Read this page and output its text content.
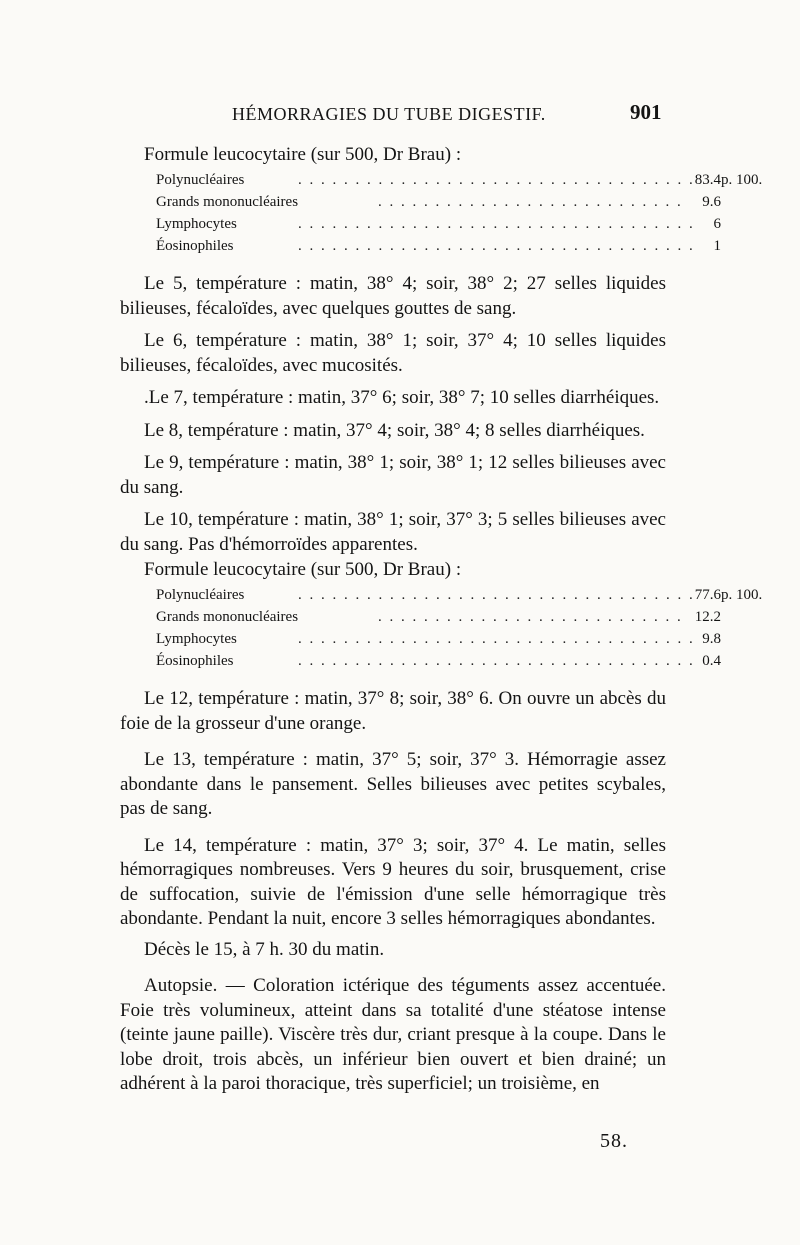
HÉMORRAGIES DU TUBE DIGESTIF.	901
Formule leucocytaire (sur 500, Dr Brau) :
Polynucléaires	. . . . . . . . . . . . . . . . . . . . . . . . . . . . . . . . . . .	83.4	p. 100.
Grands mononucléaires	. . . . . . . . . . . . . . . . . . . . . . . . . . .	9.6	
Lymphocytes	. . . . . . . . . . . . . . . . . . . . . . . . . . . . . . . . . . .	6	
Éosinophiles	. . . . . . . . . . . . . . . . . . . . . . . . . . . . . . . . . . .	1	

Le 5, température : matin, 38° 4; soir, 38° 2; 27 selles liquides bilieuses, fécaloïdes, avec quelques gouttes de sang.

Le 6, température : matin, 38° 1; soir, 37° 4; 10 selles liquides bilieuses, fécaloïdes, avec mucosités.

.Le 7, température : matin, 37° 6; soir, 38° 7; 10 selles diarrhéiques.

Le 8, température : matin, 37° 4; soir, 38° 4; 8 selles diarrhéiques.

Le 9, température : matin, 38° 1; soir, 38° 1; 12 selles bilieuses avec du sang.

Le 10, température : matin, 38° 1; soir, 37° 3; 5 selles bilieuses avec du sang. Pas d'hémorroïdes apparentes.

Formule leucocytaire (sur 500, Dr Brau) :
Polynucléaires	. . . . . . . . . . . . . . . . . . . . . . . . . . . . . . . . . . .	77.6	p. 100.
Grands mononucléaires	. . . . . . . . . . . . . . . . . . . . . . . . . . .	12.2	
Lymphocytes	. . . . . . . . . . . . . . . . . . . . . . . . . . . . . . . . . . .	9.8	
Éosinophiles	. . . . . . . . . . . . . . . . . . . . . . . . . . . . . . . . . . .	0.4	

Le 12, température : matin, 37° 8; soir, 38° 6. On ouvre un abcès du foie de la grosseur d'une orange.

Le 13, température : matin, 37° 5; soir, 37° 3. Hémorragie assez abondante dans le pansement. Selles bilieuses avec petites scybales, pas de sang.

Le 14, température : matin, 37° 3; soir, 37° 4. Le matin, selles hémorragiques nombreuses. Vers 9 heures du soir, brusquement, crise de suffocation, suivie de l'émission d'une selle hémorragique très abondante. Pendant la nuit, encore 3 selles hémorragiques abondantes.

Décès le 15, à 7 h. 30 du matin.

Autopsie. — Coloration ictérique des téguments assez accentuée. Foie très volumineux, atteint dans sa totalité d'une stéatose intense (teinte jaune paille). Viscère très dur, criant presque à la coupe. Dans le lobe droit, trois abcès, un inférieur bien ouvert et bien drainé; un adhérent à la paroi thoracique, très superficiel; un troisième, en

58.
